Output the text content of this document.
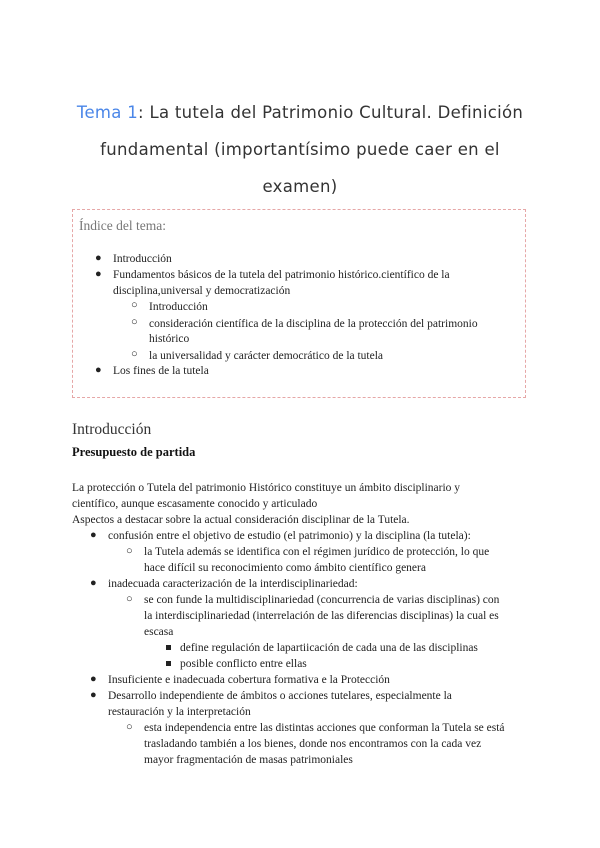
Tema 1: La tutela del Patrimonio Cultural. Definición
fundamental (importantísimo puede caer en el examen)
Índice del tema:
● Introducción
● Fundamentos básicos de la tutela del patrimonio histórico.científico de la
disciplina,universal y democratización
○ Introducción
○ consideración científica de la disciplina de la protección del patrimonio
histórico
○ la universalidad y carácter democrático de la tutela
● Los fines de la tutela
Introducción
Presupuesto de partida
La protección o Tutela del patrimonio Histórico constituye un ámbito disciplinario y
científico, aunque escasamente conocido y articulado
Aspectos a destacar sobre la actual consideración disciplinar de la Tutela.
● confusión entre el objetivo de estudio (el patrimonio) y la disciplina (la tutela):
○ la Tutela además se identifica con el régimen jurídico de protección, lo que
hace difícil su reconocimiento como ámbito científico genera
● inadecuada caracterización de la interdisciplinariedad:
○ se con funde la multidisciplinariedad (concurrencia de varias disciplinas) con
la interdisciplinariedad (interrelación de las diferencias disciplinas) la cual es
escasa
define regulación de lapartiicación de cada una de las disciplinas
posible conflicto entre ellas
● Insuficiente e inadecuada cobertura formativa e la Protección
● Desarrollo independiente de ámbitos o acciones tutelares, especialmente la
restauración y la interpretación
○ esta independencia entre las distintas acciones que conforman la Tutela se está
trasladando también a los bienes, donde nos encontramos con la cada vez
mayor fragmentación de masas patrimoniales
